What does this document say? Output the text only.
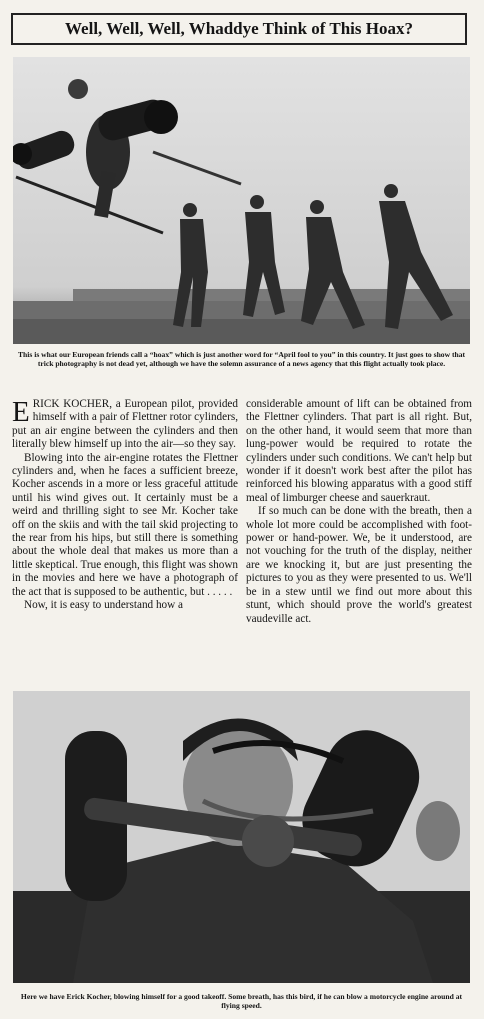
Well, Well, Well, Whaddye Think of This Hoax?
This is what our European friends call a “hoax” which is just another word for “April fool to you” in this country. It just goes to show that trick photography is not dead yet, although we have the solemn assurance of a news agency that this flight actually took place.

ERICK KOCHER, a European pilot, provided himself with a pair of Flettner rotor cylinders, put an air engine between the cylinders and then literally blew himself up into the air—so they say.

Blowing into the air-engine rotates the Flettner cylinders and, when he faces a sufficient breeze, Kocher ascends in a more or less graceful attitude until his wind gives out. It certainly must be a weird and thrilling sight to see Mr. Kocher take off on the skiis and with the tail skid projecting to the rear from his hips, but still there is something about the whole deal that makes us more than a little skeptical. True enough, this flight was shown in the movies and here we have a photograph of the act that is supposed to be authentic, but . . . . .

Now, it is easy to understand how a

considerable amount of lift can be obtained from the Flettner cylinders. That part is all right. But, on the other hand, it would seem that more than lung-power would be required to rotate the cylinders under such conditions. We can't help but wonder if it doesn't work best after the pilot has reinforced his blowing apparatus with a good stiff meal of limburger cheese and sauerkraut.

If so much can be done with the breath, then a whole lot more could be accomplished with foot-power or hand-power. We, be it understood, are not vouching for the truth of the display, neither are we knocking it, but are just presenting the pictures to you as they were presented to us. We'll be in a stew until we find out more about this stunt, which should prove the world's greatest vaudeville act.

Here we have Erick Kocher, blowing himself for a good takeoff. Some breath, has this bird, if he can blow a motorcycle engine around at flying speed.
